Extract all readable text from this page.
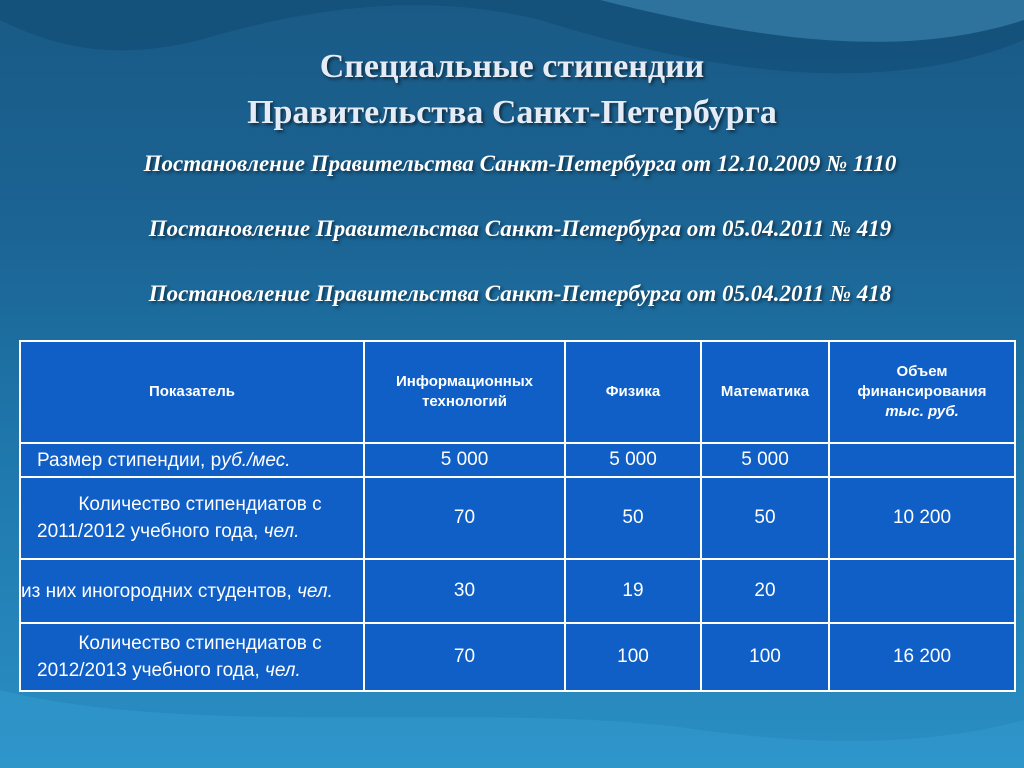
Специальные стипендии
Правительства Санкт-Петербурга
Постановление Правительства Санкт-Петербурга от 12.10.2009 № 1110
Постановление Правительства Санкт-Петербурга от 05.04.2011 № 419
Постановление Правительства Санкт-Петербурга от 05.04.2011 № 418
Показатель	Информационных технологий	Физика	Математика	Объем финансирования
тыс. руб.
Размер стипендии, руб./мес.	5 000	5 000	5 000	
Количество стипендиатов с 2011/2012 учебного года, чел.	70	50	50	10 200
из них иногородних студентов, чел.	30	19	20	
Количество стипендиатов с 2012/2013 учебного года, чел.	70	100	100	16 200
